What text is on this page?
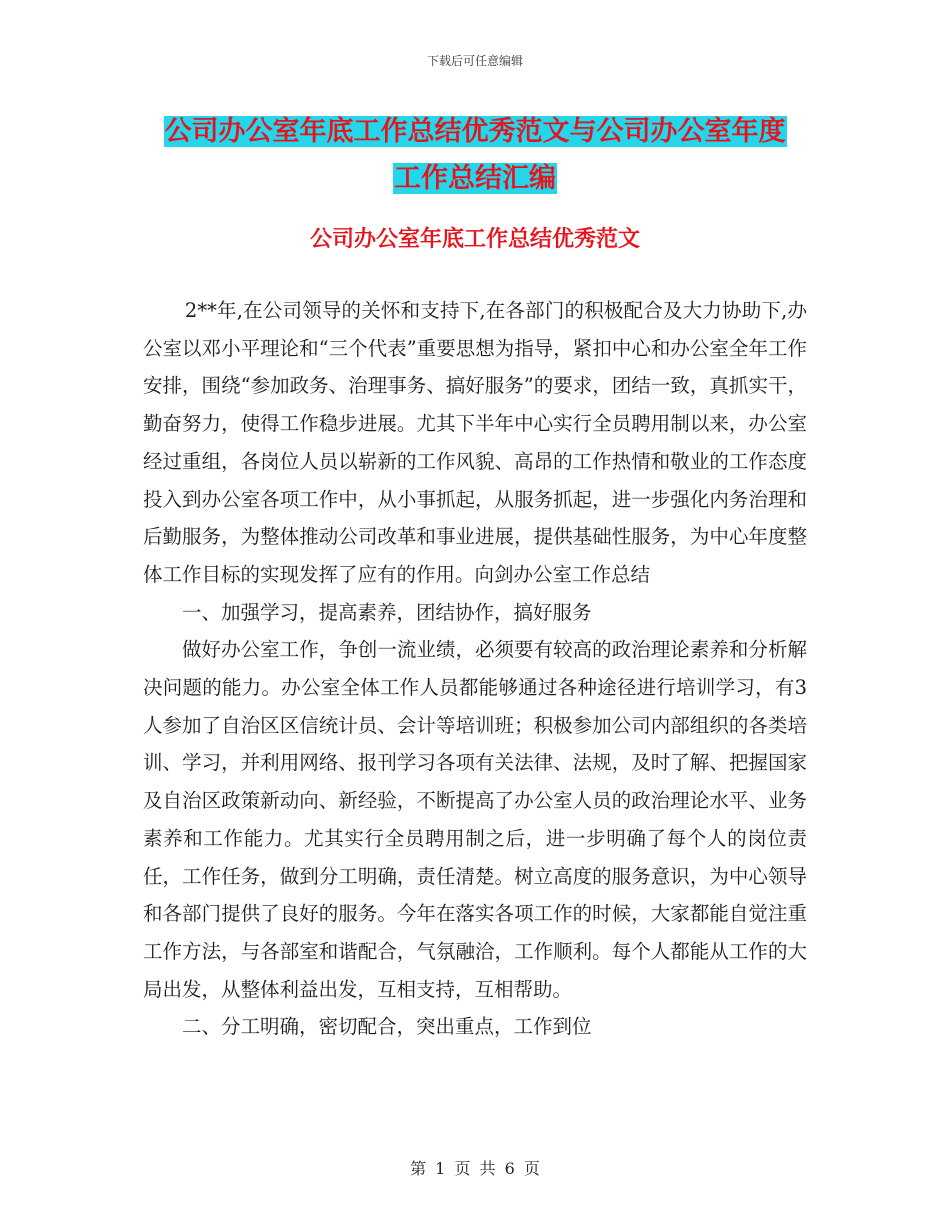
下载后可任意编辑
公司办公室年底工作总结优秀范文与公司办公室年度
工作总结汇编
公司办公室年底工作总结优秀范文

2**年,在公司领导的关怀和支持下,在各部门的积极配合及大力协助下,办公室以邓小平理论和“三个代表”重要思想为指导，紧扣中心和办公室全年工作安排，围绕“参加政务、治理事务、搞好服务”的要求，团结一致，真抓实干，勤奋努力，使得工作稳步进展。尤其下半年中心实行全员聘用制以来，办公室经过重组，各岗位人员以崭新的工作风貌、高昂的工作热情和敬业的工作态度投入到办公室各项工作中，从小事抓起，从服务抓起，进一步强化内务治理和后勤服务，为整体推动公司改革和事业进展，提供基础性服务，为中心年度整体工作目标的实现发挥了应有的作用。向剑办公室工作总结

一、加强学习，提高素养，团结协作，搞好服务

做好办公室工作，争创一流业绩，必须要有较高的政治理论素养和分析解决问题的能力。办公室全体工作人员都能够通过各种途径进行培训学习，有3人参加了自治区区信统计员、会计等培训班；积极参加公司内部组织的各类培训、学习，并利用网络、报刊学习各项有关法律、法规，及时了解、把握国家及自治区政策新动向、新经验，不断提高了办公室人员的政治理论水平、业务素养和工作能力。尤其实行全员聘用制之后，进一步明确了每个人的岗位责任，工作任务，做到分工明确，责任清楚。树立高度的服务意识，为中心领导和各部门提供了良好的服务。今年在落实各项工作的时候，大家都能自觉注重工作方法，与各部室和谐配合，气氛融洽，工作顺利。每个人都能从工作的大局出发，从整体利益出发，互相支持，互相帮助。

二、分工明确，密切配合，突出重点，工作到位

第 1 页 共 6 页
